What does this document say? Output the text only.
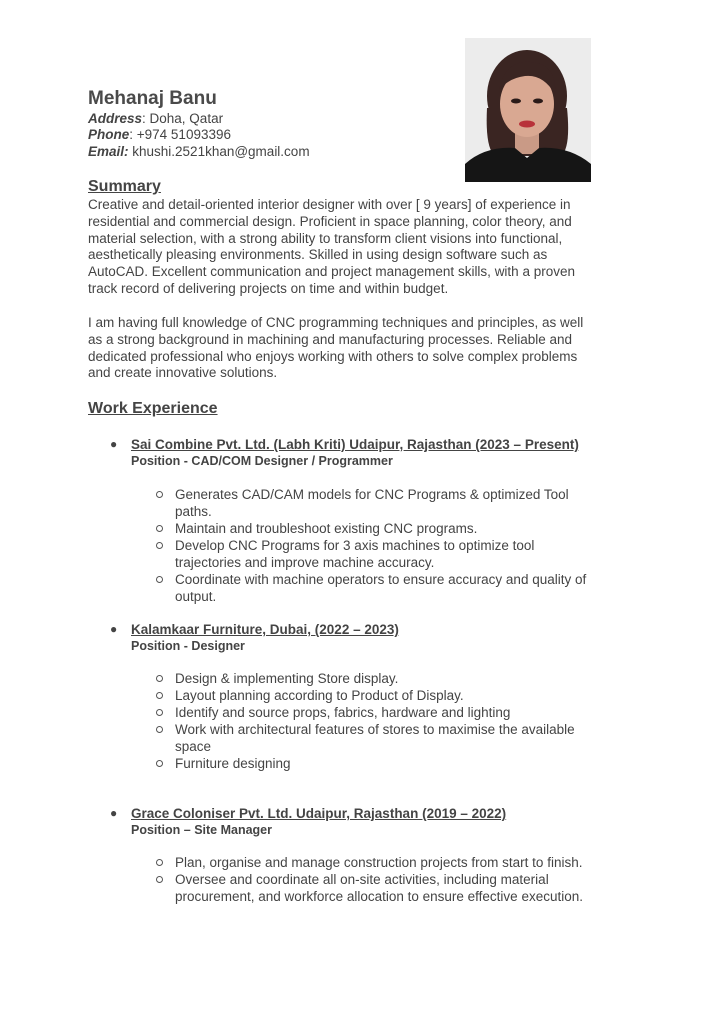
Mehanaj Banu
Address: Doha, Qatar
Phone: +974 51093396
Email: khushi.2521khan@gmail.com
Summary
Creative and detail-oriented interior designer with over [ 9 years] of experience in
residential and commercial design. Proficient in space planning, color theory, and
material selection, with a strong ability to transform client visions into functional,
aesthetically pleasing environments. Skilled in using design software such as
AutoCAD. Excellent communication and project management skills, with a proven
track record of delivering projects on time and within budget.
I am having full knowledge of CNC programming techniques and principles, as well
as a strong background in machining and manufacturing processes. Reliable and
dedicated professional who enjoys working with others to solve complex problems
and create innovative solutions.
Work Experience
● Sai Combine Pvt. Ltd. (Labh Kriti) Udaipur, Rajasthan (2023 – Present)
Position - CAD/COM Designer / Programmer
Generates CAD/CAM models for CNC Programs & optimized Tool
paths.
Maintain and troubleshoot existing CNC programs.
Develop CNC Programs for 3 axis machines to optimize tool
trajectories and improve machine accuracy.
Coordinate with machine operators to ensure accuracy and quality of
output.
● Kalamkaar Furniture, Dubai, (2022 – 2023)
Position - Designer
Design & implementing Store display.
Layout planning according to Product of Display.
Identify and source props, fabrics, hardware and lighting
Work with architectural features of stores to maximise the available
space
Furniture designing
● Grace Coloniser Pvt. Ltd. Udaipur, Rajasthan (2019 – 2022)
Position – Site Manager
Plan, organise and manage construction projects from start to finish.
Oversee and coordinate all on-site activities, including material
procurement, and workforce allocation to ensure effective execution.
